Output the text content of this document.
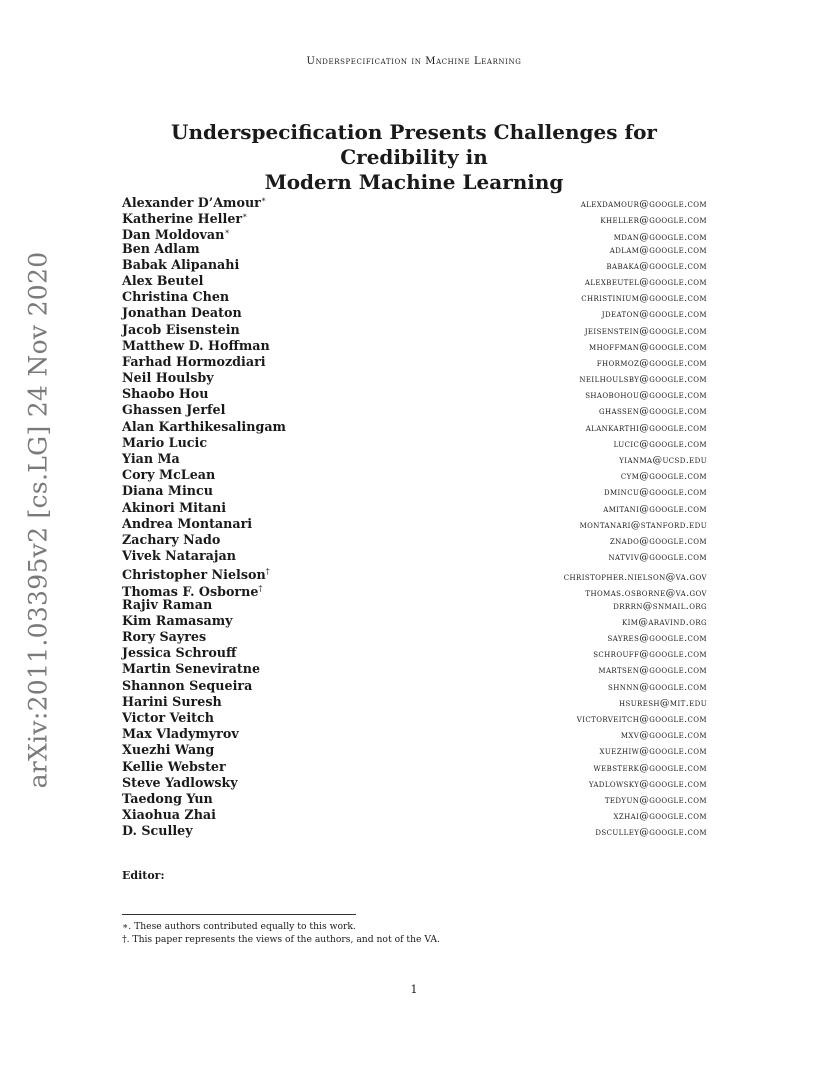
Underspecification in Machine Learning
arXiv:2011.03395v2 [cs.LG] 24 Nov 2020
Underspecification Presents Challenges for Credibility in
Modern Machine Learning
Alexander D’Amour∗	alexdamour@google.com
Katherine Heller∗	kheller@google.com
Dan Moldovan∗	mdan@google.com
Ben Adlam	adlam@google.com
Babak Alipanahi	babaka@google.com
Alex Beutel	alexbeutel@google.com
Christina Chen	christinium@google.com
Jonathan Deaton	jdeaton@google.com
Jacob Eisenstein	jeisenstein@google.com
Matthew D. Hoffman	mhoffman@google.com
Farhad Hormozdiari	fhormoz@google.com
Neil Houlsby	neilhoulsby@google.com
Shaobo Hou	shaobohou@google.com
Ghassen Jerfel	ghassen@google.com
Alan Karthikesalingam	alankarthi@google.com
Mario Lucic	lucic@google.com
Yian Ma	yianma@ucsd.edu
Cory McLean	cym@google.com
Diana Mincu	dmincu@google.com
Akinori Mitani	amitani@google.com
Andrea Montanari	montanari@stanford.edu
Zachary Nado	znado@google.com
Vivek Natarajan	natviv@google.com
Christopher Nielson†	christopher.nielson@va.gov
Thomas F. Osborne†	thomas.osborne@va.gov
Rajiv Raman	drrrn@snmail.org
Kim Ramasamy	kim@aravind.org
Rory Sayres	sayres@google.com
Jessica Schrouff	schrouff@google.com
Martin Seneviratne	martsen@google.com
Shannon Sequeira	shnnn@google.com
Harini Suresh	hsuresh@mit.edu
Victor Veitch	victorveitch@google.com
Max Vladymyrov	mxv@google.com
Xuezhi Wang	xuezhiw@google.com
Kellie Webster	websterk@google.com
Steve Yadlowsky	yadlowsky@google.com
Taedong Yun	tedyun@google.com
Xiaohua Zhai	xzhai@google.com
D. Sculley	dsculley@google.com
Editor:
∗. These authors contributed equally to this work.
†. This paper represents the views of the authors, and not of the VA.
1
